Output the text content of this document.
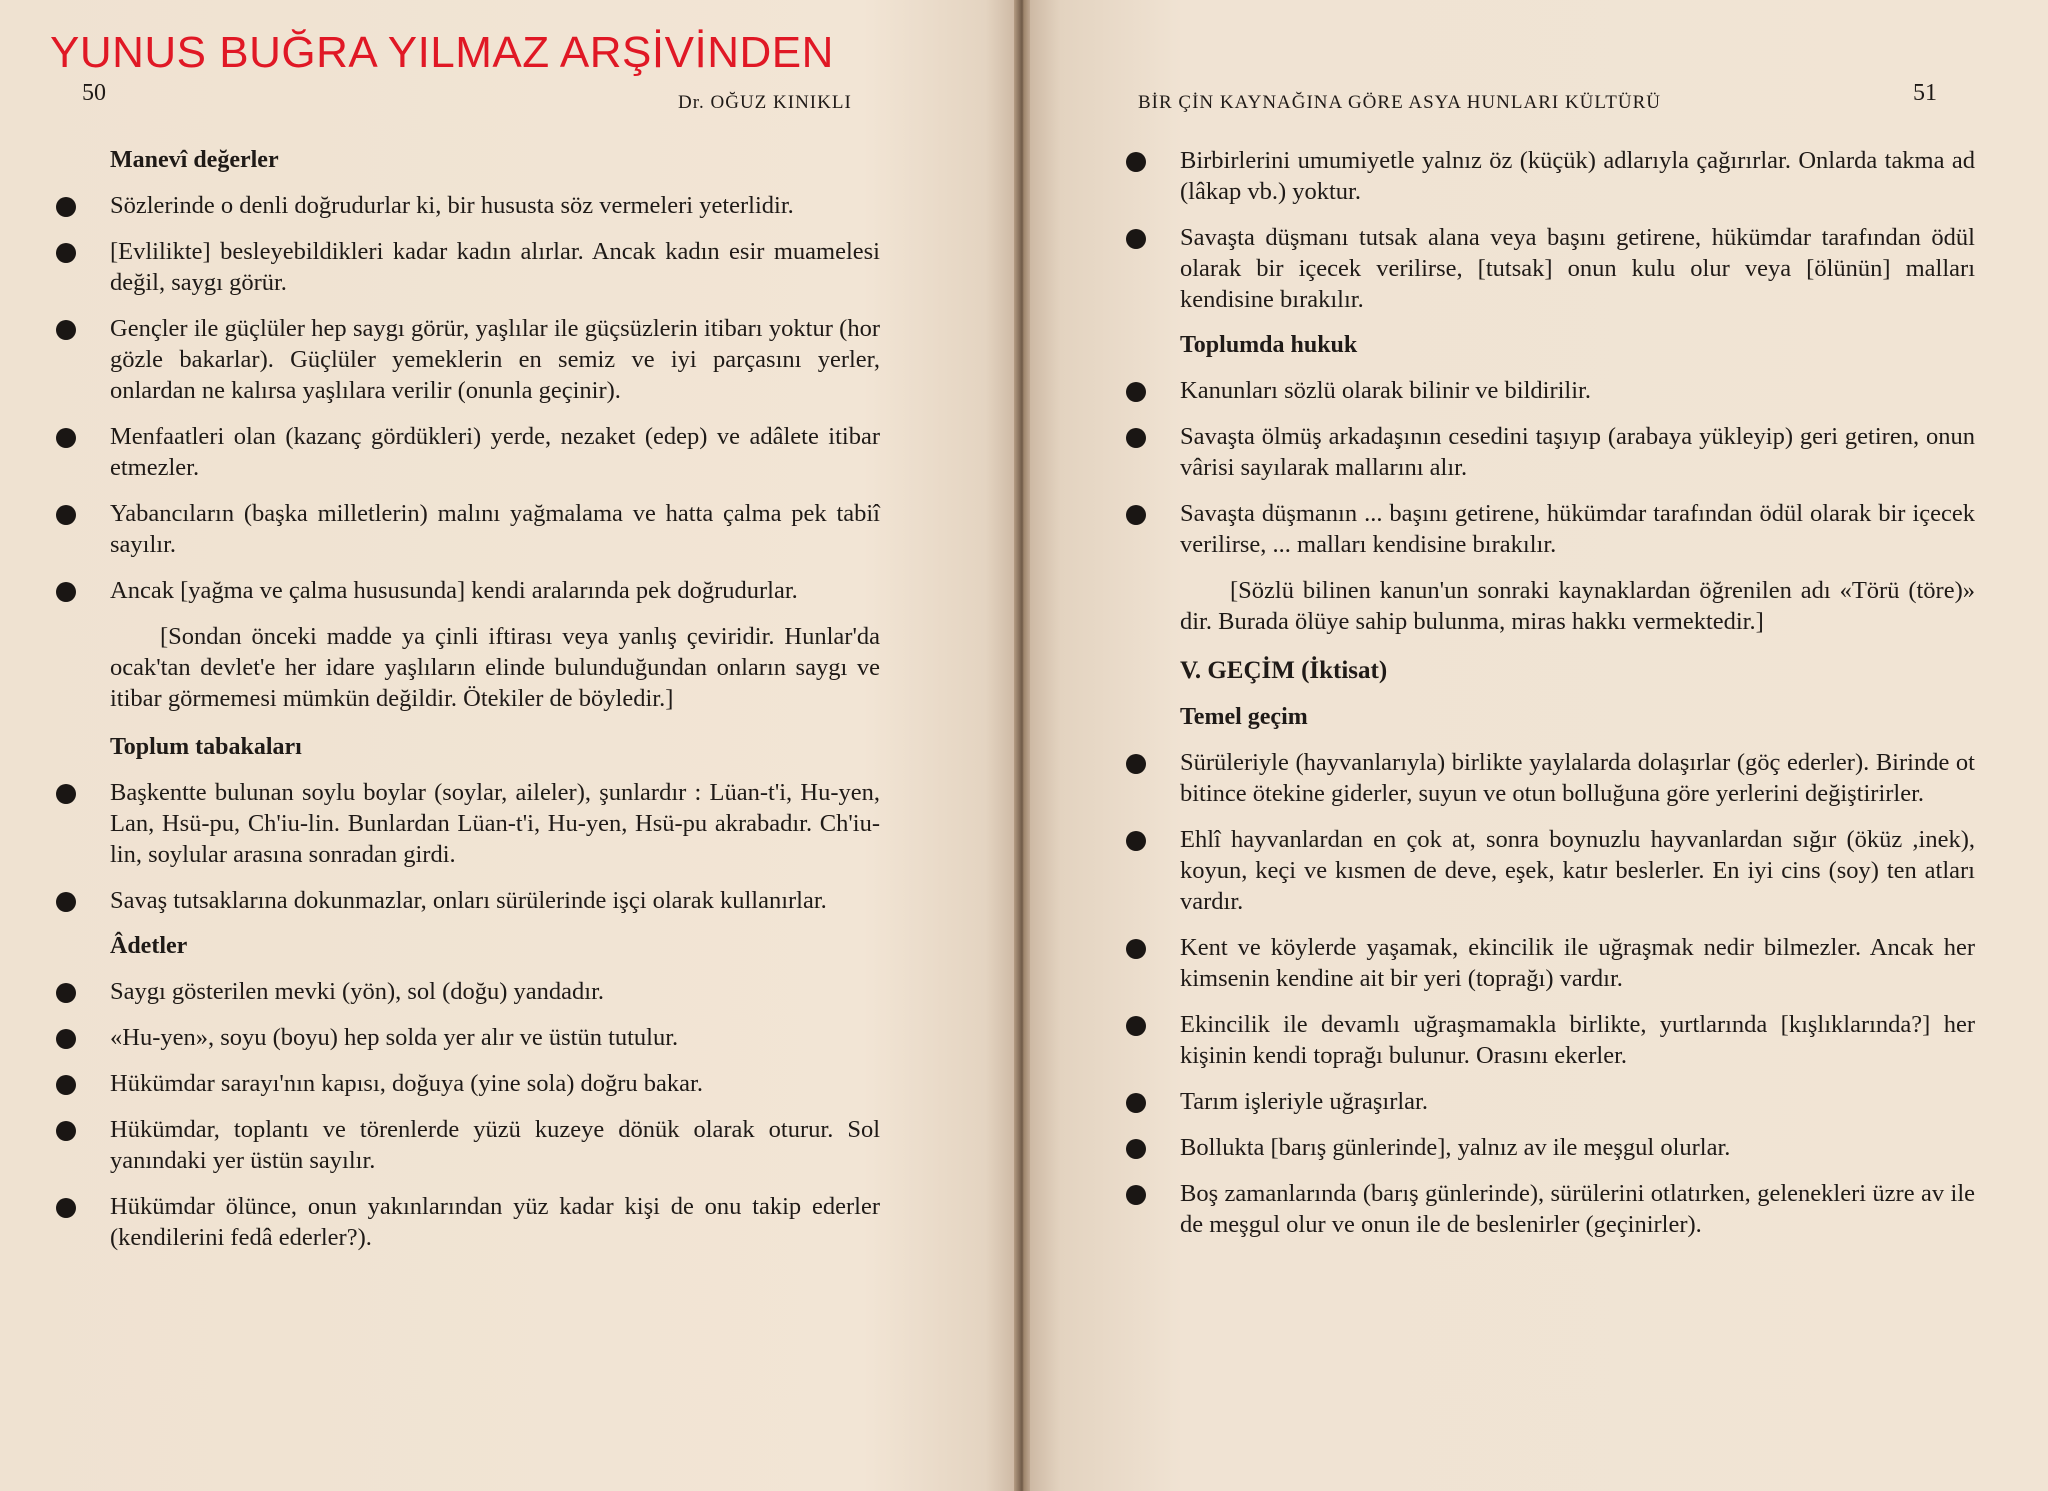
50	Dr. OĞUZ KINIKLI
Manevî değerler
Sözlerinde o denli doğrudurlar ki, bir hususta söz vermeleri yeterlidir.
[Evlilikte] besleyebildikleri kadar kadın alırlar. Ancak kadın esir muamelesi değil, saygı görür.
Gençler ile güçlüler hep saygı görür, yaşlılar ile güçsüzlerin itibarı yoktur (hor gözle bakarlar). Güçlüler yemeklerin en semiz ve iyi parçasını yerler, onlardan ne kalırsa yaşlılara verilir (onunla geçinir).
Menfaatleri olan (kazanç gördükleri) yerde, nezaket (edep) ve adâlete itibar etmezler.
Yabancıların (başka milletlerin) malını yağmalama ve hatta çalma pek tabiî sayılır.
Ancak [yağma ve çalma hususunda] kendi aralarında pek doğrudurlar.

[Sondan önceki madde ya çinli iftirası veya yanlış çeviridir. Hunlar'da ocak'tan devlet'e her idare yaşlıların elinde bulunduğundan onların saygı ve itibar görmemesi mümkün değildir. Ötekiler de böyledir.]

Toplum tabakaları
Başkentte bulunan soylu boylar (soylar, aileler), şunlardır : Lüan-t'i, Hu-yen, Lan, Hsü-pu, Ch'iu-lin. Bunlardan Lüan-t'i, Hu-yen, Hsü-pu akrabadır. Ch'iu-lin, soylular arasına sonradan girdi.
Savaş tutsaklarına dokunmazlar, onları sürülerinde işçi olarak kullanırlar.
Âdetler
Saygı gösterilen mevki (yön), sol (doğu) yandadır.
«Hu-yen», soyu (boyu) hep solda yer alır ve üstün tutulur.
Hükümdar sarayı'nın kapısı, doğuya (yine sola) doğru bakar.
Hükümdar, toplantı ve törenlerde yüzü kuzeye dönük olarak oturur. Sol yanındaki yer üstün sayılır.
Hükümdar ölünce, onun yakınlarından yüz kadar kişi de onu takip ederler (kendilerini fedâ ederler?).
BİR ÇİN KAYNAĞINA GÖRE ASYA HUNLARI KÜLTÜRÜ	51
Birbirlerini umumiyetle yalnız öz (küçük) adlarıyla çağırırlar. Onlarda takma ad (lâkap vb.) yoktur.
Savaşta düşmanı tutsak alana veya başını getirene, hükümdar tarafından ödül olarak bir içecek verilirse, [tutsak] onun kulu olur veya [ölünün] malları kendisine bırakılır.
Toplumda hukuk
Kanunları sözlü olarak bilinir ve bildirilir.
Savaşta ölmüş arkadaşının cesedini taşıyıp (arabaya yükleyip) geri getiren, onun vârisi sayılarak mallarını alır.
Savaşta düşmanın ... başını getirene, hükümdar tarafından ödül olarak bir içecek verilirse, ... malları kendisine bırakılır.

[Sözlü bilinen kanun'un sonraki kaynaklardan öğrenilen adı «Törü (töre)» dir. Burada ölüye sahip bulunma, miras hakkı vermektedir.]

V. GEÇİM (İktisat)
Temel geçim
Sürüleriyle (hayvanlarıyla) birlikte yaylalarda dolaşırlar (göç ederler). Birinde ot bitince ötekine giderler, suyun ve otun bolluğuna göre yerlerini değiştirirler.
Ehlî hayvanlardan en çok at, sonra boynuzlu hayvanlardan sığır (öküz ,inek), koyun, keçi ve kısmen de deve, eşek, katır beslerler. En iyi cins (soy) ten atları vardır.
Kent ve köylerde yaşamak, ekincilik ile uğraşmak nedir bilmezler. Ancak her kimsenin kendine ait bir yeri (toprağı) vardır.
Ekincilik ile devamlı uğraşmamakla birlikte, yurtlarında [kışlıklarında?] her kişinin kendi toprağı bulunur. Orasını ekerler.
Tarım işleriyle uğraşırlar.
Bollukta [barış günlerinde], yalnız av ile meşgul olurlar.
Boş zamanlarında (barış günlerinde), sürülerini otlatırken, gelenekleri üzre av ile de meşgul olur ve onun ile de beslenirler (geçinirler).
YUNUS BUĞRA YILMAZ ARŞİVİNDEN
